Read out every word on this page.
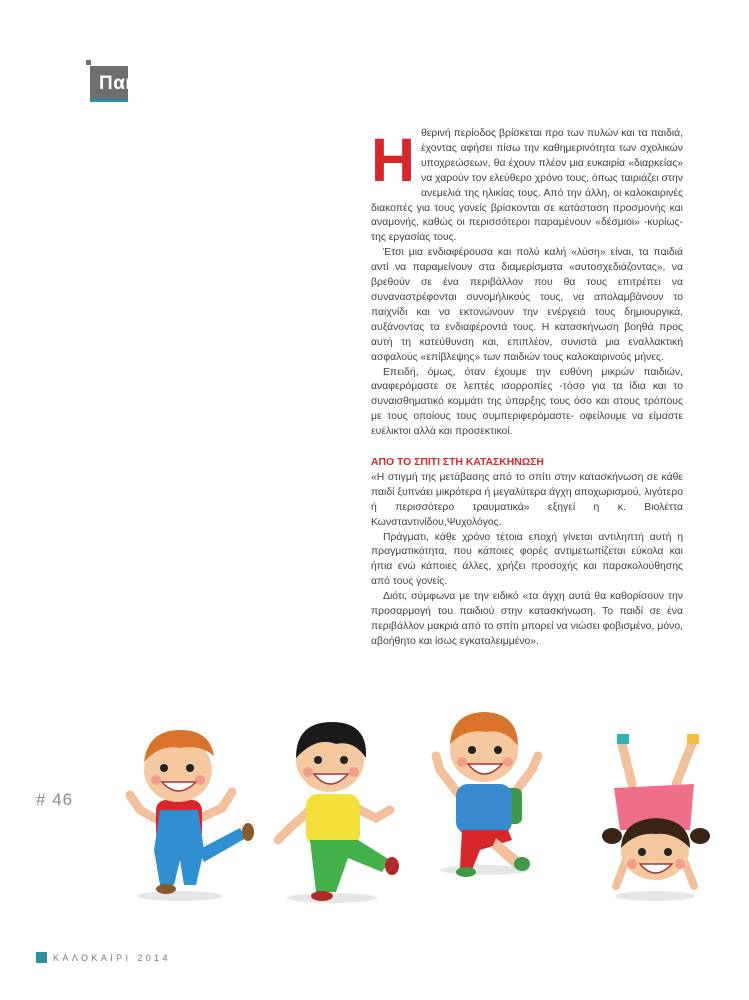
Παιδί
Η θερινή περίοδος βρίσκεται προ των πυλών και τα παιδιά, έχοντας αφήσει πίσω την καθημερινότητα των σχολικών υποχρεώσεων, θα έχουν πλέον μια ευκαιρία «διαρκείας» να χαρούν τον ελεύθερο χρόνο τους, όπως ταιριάζει στην ανεμελιά της ηλικίας τους. Από την άλλη, οι καλοκαιρινές διακοπές για τους γονείς βρίσκονται σε κατάσταση προσμονής και αναμονής, καθώς οι περισσότεροι παραμένουν «δέσμιοι» -κυρίως- της εργασίας τους.

Έτσι μια ενδιαφέρουσα και πολύ καλή «λύση» είναι, τα παιδιά αντί να παραμείνουν στα διαμερίσματα «αυτοσχεδιάζοντας», να βρεθούν σε ένα περιβάλλον που θα τους επιτρέπει να συναναστρέφονται συνομήλικούς τους, να απολαμβάνουν το παιχνίδι και να εκτονώνουν την ενέργειά τους δημιουργικά, αυξάνοντας τα ενδιαφέροντά τους. Η κατασκήνωση βοηθά προς αυτή τη κατεύθυνση και, επιπλέον, συνιστά μια εναλλακτική ασφαλούς «επίβλεψης» των παιδιών τους καλοκαιρινούς μήνες.

Επειδή, όμως, όταν έχουμε την ευθύνη μικρών παιδιών, αναφερόμαστε σε λεπτές ισορροπίες -τόσο για τα ίδια και το συναισθηματικό κομμάτι της ύπαρξης τους όσο και στους τρόπους με τους οποίους τους συμπεριφερόμαστε- οφείλουμε να είμαστε ευέλικτοι αλλά και προσεκτικοί.

ΑΠΟ ΤΟ ΣΠΙΤΙ ΣΤΗ ΚΑΤΑΣΚΗΝΩΣΗ

«Η στιγμή της μετάβασης από το σπίτι στην κατασκήνωση σε κάθε παιδί ξυπνάει μικρότερα ή μεγαλύτερα άγχη αποχωρισμού, λιγότερο ή περισσότερο τραυματικά» εξηγεί η κ. Βιολέττα Κωνσταντινίδου,Ψυχολόγος.

Πράγματι, κάθε χρόνο τέτοια εποχή γίνεται αντιληπτή αυτή η πραγματικότητα, που κάποιες φορές αντιμετωπίζεται εύκολα και ήπια ενώ κάποιες άλλες, χρήζει προσοχής και παρακολούθησης από τους γονείς.

Διότι, σύμφωνα με την ειδικό «τα άγχη αυτά θα καθορίσουν την προσαρμογή του παιδιού στην κατασκήνωση. Το παιδί σε ένα περιβάλλον μακριά από το σπίτι μπορεί να νιώσει φοβισμένο, μόνο, αβοήθητο και ίσως εγκαταλειμμένο».

# 46
ΚΑΛΟΚΑΙΡΙ 2014
